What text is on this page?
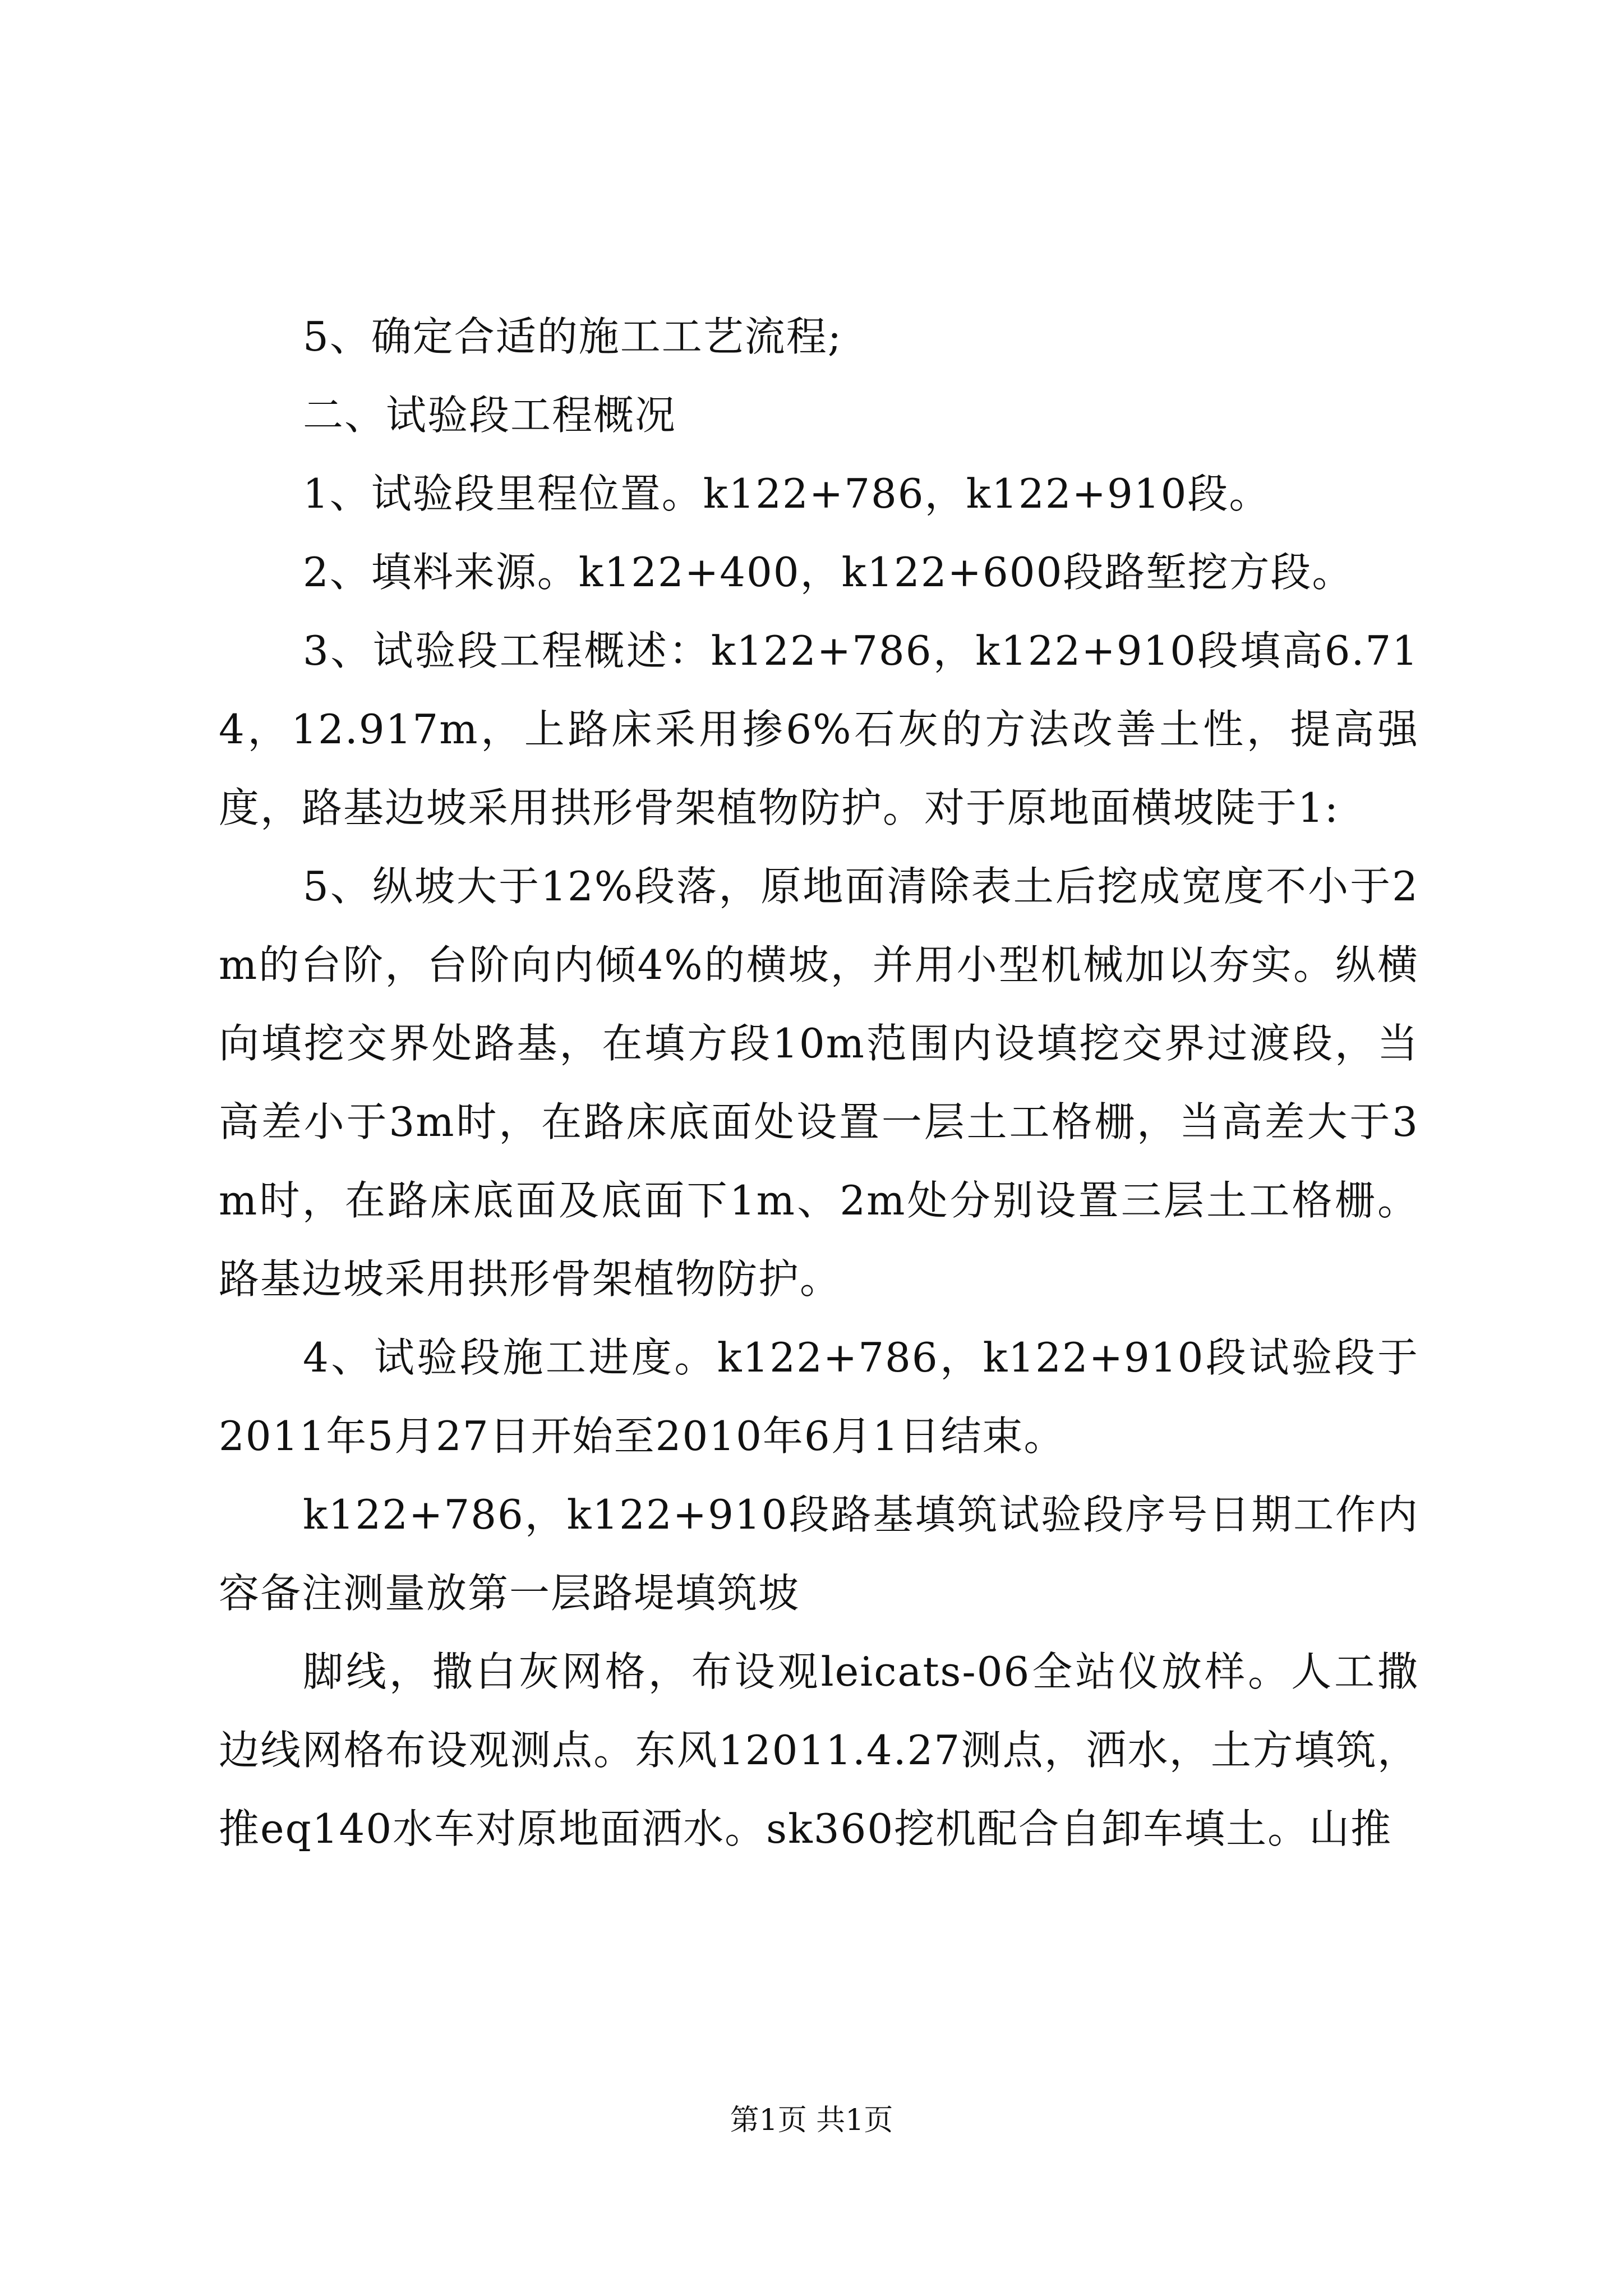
5、确定合适的施工工艺流程;

二、试验段工程概况

1、试验段里程位置。k122+786，k122+910段。

2、填料来源。k122+400，k122+600段路堑挖方段。

3、试验段工程概述：k122+786，k122+910段填高6.714，12.917m，上路床采用掺6%石灰的方法改善土性，提高强度，路基边坡采用拱形骨架植物防护。对于原地面横坡陡于1:

5、纵坡大于12%段落，原地面清除表土后挖成宽度不小于2m的台阶，台阶向内倾4%的横坡，并用小型机械加以夯实。纵横向填挖交界处路基，在填方段10m范围内设填挖交界过渡段，当高差小于3m时，在路床底面处设置一层土工格栅，当高差大于3m时，在路床底面及底面下1m、2m处分别设置三层土工格栅。路基边坡采用拱形骨架植物防护。

4、试验段施工进度。k122+786，k122+910段试验段于2011年5月27日开始至2010年6月1日结束。

k122+786，k122+910段路基填筑试验段序号日期工作内容备注测量放第一层路堤填筑坡

脚线，撒白灰网格，布设观leicats-06全站仪放样。人工撒边线网格布设观测点。东风12011.4.27测点，洒水，土方填筑，推eq140水车对原地面洒水。sk360挖机配合自卸车填土。山推

第1页 共1页
